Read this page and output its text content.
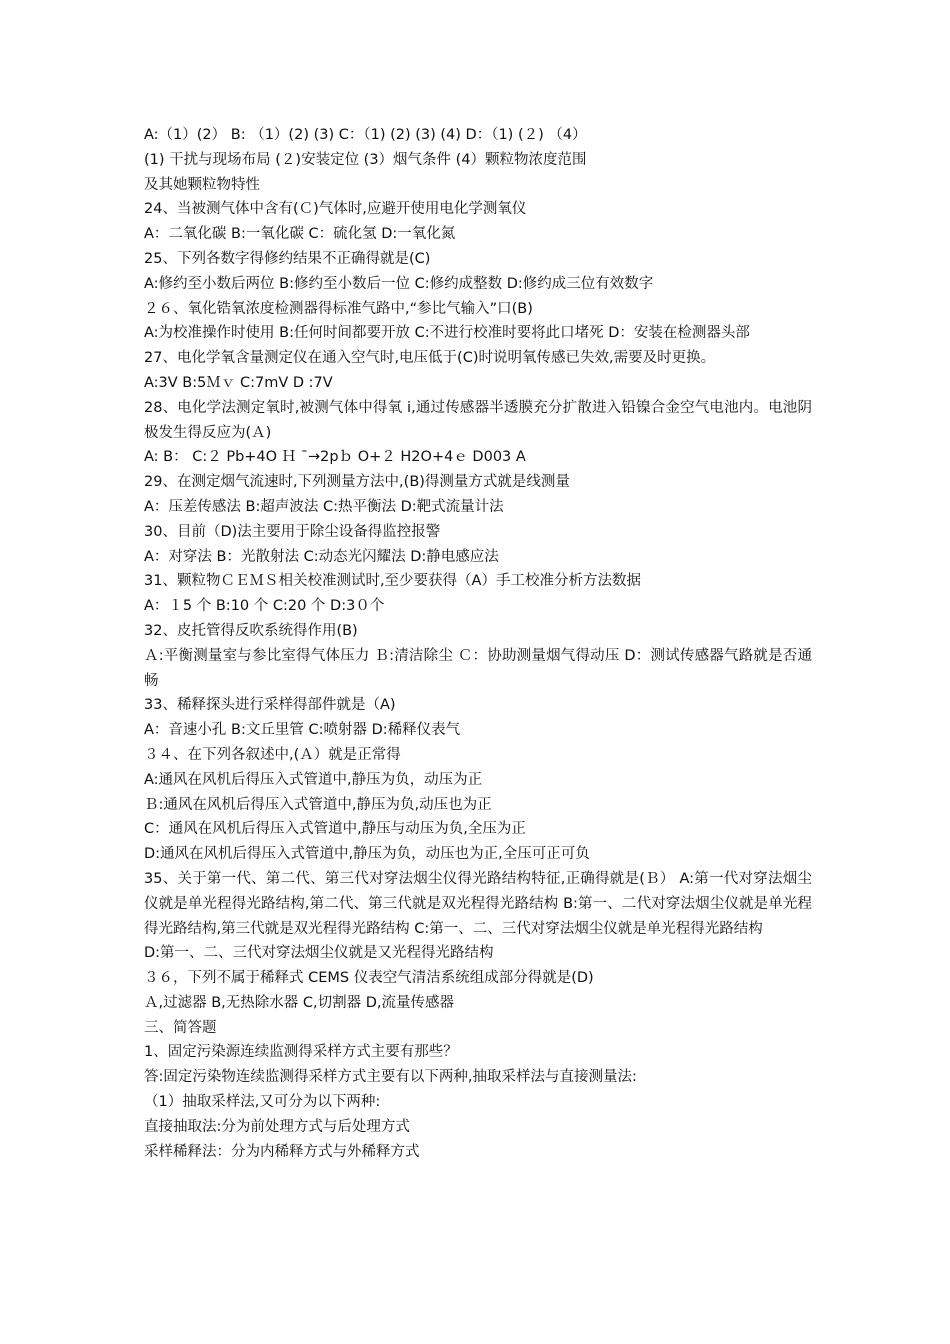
A:（1）(2） B: （1）(2) (3) C：（1) (2) (3) (4) D：（1) (２) （4）
(1) 干扰与现场布局 (２)安装定位 (3）烟气条件 (4）颗粒物浓度范围
及其她颗粒物特性
24、当被测气体中含有(Ｃ)气体时,应避开使用电化学测氧仪
A：二氧化碳 B:一氧化碳 C：硫化氢 D:一氧化氮
25、下列各数字得修约结果不正确得就是(C)
A:修约至小数后两位 B:修约至小数后一位 C:修约成整数 D:修约成三位有效数字
２６、氧化锆氧浓度检测器得标准气路中,“参比气输入”口(B)
A:为校准操作时使用 B:任何时间都要开放 C:不进行校准时要将此口堵死 D：安装在检测器头部
27、电化学氧含量测定仪在通入空气时,电压低于(C)时说明氧传感已失效,需要及时更换。
A:3V B:5Ｍｖ C:7mV D :7V
28、电化学法测定氧时,被测气体中得氧 i,通过传感器半透膜充分扩散进入铅镍合金空气电池内。电池阴极发生得反应为(Ａ)
A: B： C:２ Pb+4O Ｈ ˉ→2pｂ O+２ H2O+4ｅ D003 A
29、在测定烟气流速时,下列测量方法中,(B)得测量方式就是线测量
A：压差传感法 B:超声波法 C:热平衡法 D:靶式流量计法
30、目前（D)法主要用于除尘设备得监控报警
A：对穿法 B：光散射法 C:动态光闪耀法 D:静电感应法
31、颗粒物ＣＥＭＳ相关校准测试时,至少要获得（A）手工校准分析方法数据
A：１5 个 B:10 个 C:20 个 D:3０个
32、皮托管得反吹系统得作用(B)
Ａ:平衡测量室与参比室得气体压力 Ｂ:清洁除尘 Ｃ：协助测量烟气得动压 D：测试传感器气路就是否通畅
33、稀释探头进行采样得部件就是（A)
A：音速小孔 B:文丘里管 C:喷射器 D:稀释仪表气
３４、在下列各叙述中,(Ａ）就是正常得
A:通风在风机后得压入式管道中,静压为负，动压为正
Ｂ:通风在风机后得压入式管道中,静压为负,动压也为正
C：通风在风机后得压入式管道中,静压与动压为负,全压为正
D:通风在风机后得压入式管道中,静压为负，动压也为正,全压可正可负
35、关于第一代、第二代、第三代对穿法烟尘仪得光路结构特征,正确得就是(Ｂ） A:第一代对穿法烟尘仪就是单光程得光路结构,第二代、第三代就是双光程得光路结构 B:第一、二代对穿法烟尘仪就是单光程得光路结构,第三代就是双光程得光路结构 C:第一、二、三代对穿法烟尘仪就是单光程得光路结构
D:第一、二、三代对穿法烟尘仪就是又光程得光路结构
３６，下列不属于稀释式 CEMS 仪表空气清洁系统组成部分得就是(D)
Ａ,过滤器 B,无热除水器 C,切割器 D,流量传感器
三、简答题
1、固定污染源连续监测得采样方式主要有那些？
答:固定污染物连续监测得采样方式主要有以下两种,抽取采样法与直接测量法:
（1）抽取采样法,又可分为以下两种:
直接抽取法:分为前处理方式与后处理方式
采样稀释法：分为内稀释方式与外稀释方式
